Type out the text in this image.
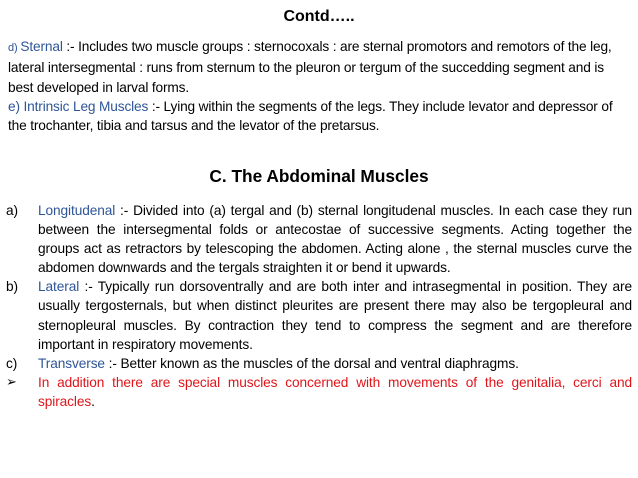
Contd…..

d) Sternal :- Includes two muscle groups : sternocoxals : are sternal promotors and remotors of the leg, lateral intersegmental : runs from sternum to the pleuron or tergum of the succedding segment and is best developed in larval forms.

e) Intrinsic Leg Muscles :- Lying within the segments of the legs. They include levator and depressor of the trochanter, tibia and tarsus and the levator of the pretarsus.

C. The Abdominal Muscles
a)	Longitudenal :- Divided into (a) tergal and (b) sternal longitudenal muscles. In each case they run between the intersegmental folds or antecostae of successive segments. Acting together the groups act as retractors by telescoping the abdomen. Acting alone , the sternal muscles curve the abdomen downwards and the tergals straighten it or bend it upwards.
b)	Lateral :- Typically run dorsoventrally and are both inter and intrasegmental in position. They are usually tergosternals, but when distinct pleurites are present there may also be tergopleural and sternopleural muscles. By contraction they tend to compress the segment and are therefore important in respiratory movements.
c)	Transverse :- Better known as the muscles of the dorsal and ventral diaphragms.
➢	In addition there are special muscles concerned with movements of the genitalia, cerci and spiracles.
